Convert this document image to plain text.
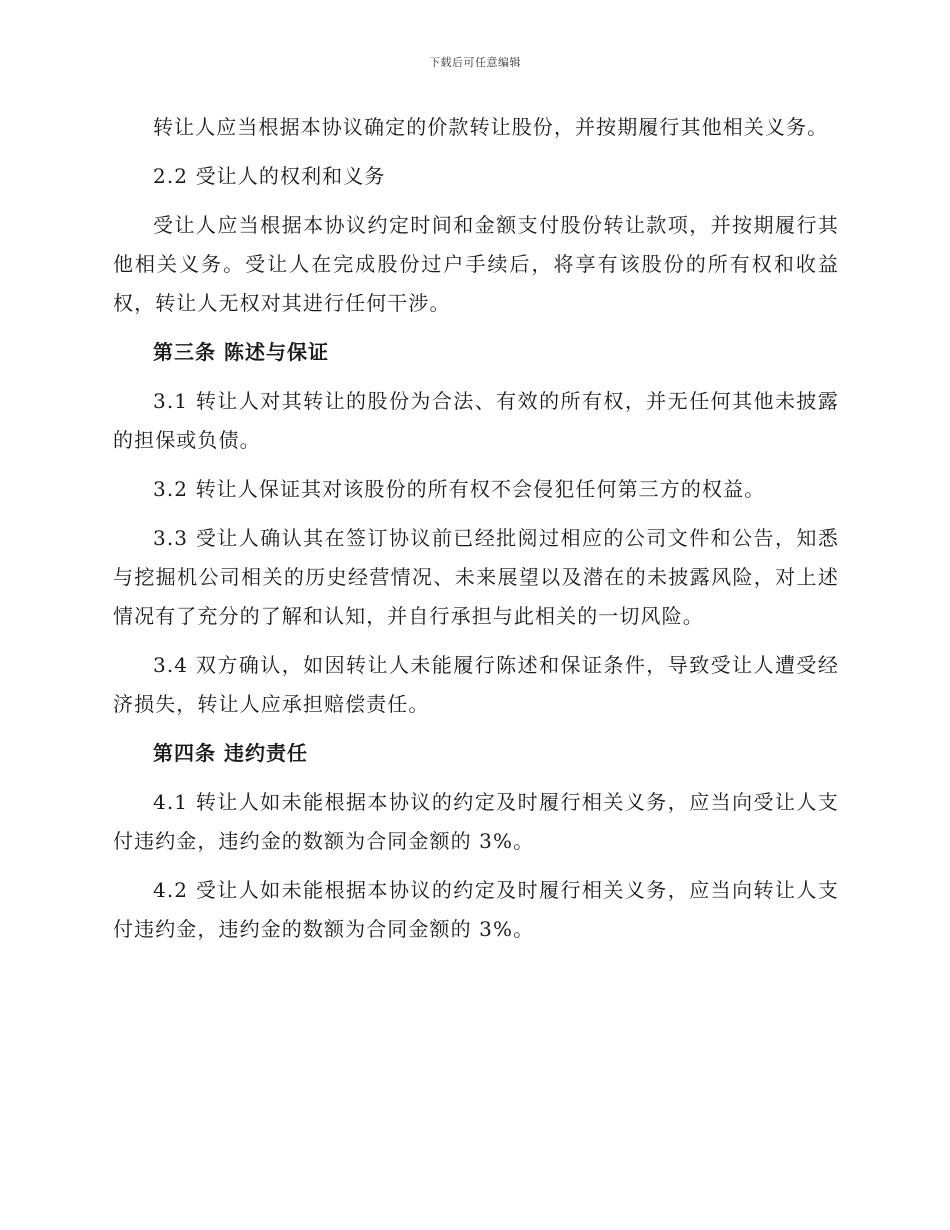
下载后可任意编辑

转让人应当根据本协议确定的价款转让股份，并按期履行其他相关义务。

2.2 受让人的权利和义务

受让人应当根据本协议约定时间和金额支付股份转让款项，并按期履行其他相关义务。受让人在完成股份过户手续后，将享有该股份的所有权和收益权，转让人无权对其进行任何干涉。

第三条 陈述与保证

3.1 转让人对其转让的股份为合法、有效的所有权，并无任何其他未披露的担保或负债。

3.2 转让人保证其对该股份的所有权不会侵犯任何第三方的权益。

3.3 受让人确认其在签订协议前已经批阅过相应的公司文件和公告，知悉与挖掘机公司相关的历史经营情况、未来展望以及潜在的未披露风险，对上述情况有了充分的了解和认知，并自行承担与此相关的一切风险。

3.4 双方确认，如因转让人未能履行陈述和保证条件，导致受让人遭受经济损失，转让人应承担赔偿责任。

第四条 违约责任

4.1 转让人如未能根据本协议的约定及时履行相关义务，应当向受让人支付违约金，违约金的数额为合同金额的 3%。

4.2 受让人如未能根据本协议的约定及时履行相关义务，应当向转让人支付违约金，违约金的数额为合同金额的 3%。
